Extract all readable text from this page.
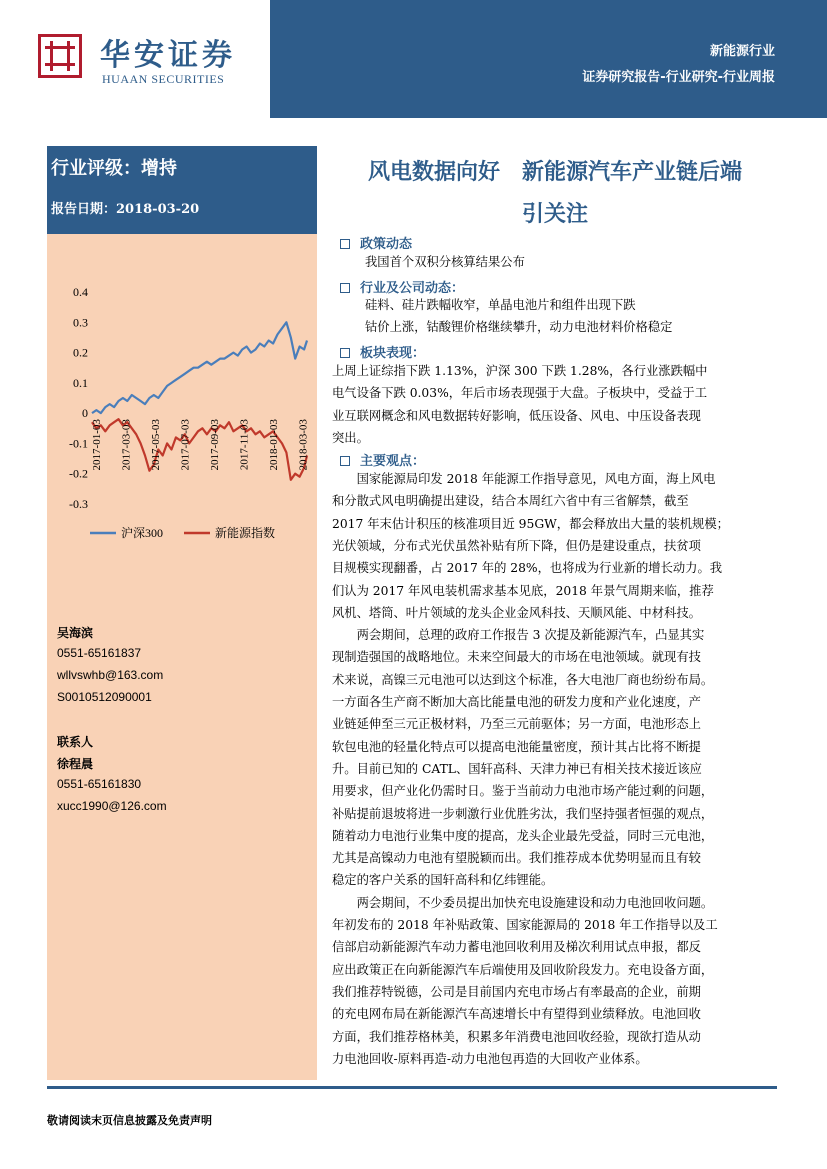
华安证券
HUAAN SECURITIES
新能源行业
证券研究报告-行业研究-行业周报
行业评级：增持
报告日期：2018-03-20
0.4
0.3
0.2
0.1
0
-0.1
-0.2
-0.3
2017-01-03 2017-03-03 2017-05-03 2017-07-03 2017-09-03 2017-11-03 2018-01-03 2018-03-03
沪深300	新能源指数
吴海滨
0551-65161837
wllvswhb@163.com
S0010512090001
联系人
徐程晨
0551-65161830
xucc1990@126.com
风电数据向好　新能源汽车产业链后端
引关注
政策动态
我国首个双积分核算结果公布
行业及公司动态：
硅料、硅片跌幅收窄，单晶电池片和组件出现下跌
钴价上涨，钴酸锂价格继续攀升，动力电池材料价格稳定
板块表现：
上周上证综指下跌 1.13%，沪深 300 下跌 1.28%，各行业涨跌幅中
电气设备下跌 0.03%，年后市场表现强于大盘。子板块中，受益于工
业互联网概念和风电数据转好影响，低压设备、风电、中压设备表现
突出。
主要观点：
　　国家能源局印发 2018 年能源工作指导意见，风电方面，海上风电
和分散式风电明确提出建设，结合本周红六省中有三省解禁，截至
2017 年末估计积压的核准项目近 95GW，都会释放出大量的装机规模；
光伏领域，分布式光伏虽然补贴有所下降，但仍是建设重点，扶贫项
目规模实现翻番，占 2017 年的 28%，也将成为行业新的增长动力。我
们认为 2017 年风电装机需求基本见底，2018 年景气周期来临，推荐
风机、塔筒、叶片领域的龙头企业金风科技、天顺风能、中材科技。
　　两会期间，总理的政府工作报告 3 次提及新能源汽车，凸显其实
现制造强国的战略地位。未来空间最大的市场在电池领域。就现有技
术来说，高镍三元电池可以达到这个标准，各大电池厂商也纷纷布局。
一方面各生产商不断加大高比能量电池的研发力度和产业化速度，产
业链延伸至三元正极材料，乃至三元前驱体；另一方面，电池形态上
软包电池的轻量化特点可以提高电池能量密度，预计其占比将不断提
升。目前已知的 CATL、国轩高科、天津力神已有相关技术接近该应
用要求，但产业化仍需时日。鉴于当前动力电池市场产能过剩的问题，
补贴提前退坡将进一步刺激行业优胜劣汰，我们坚持强者恒强的观点，
随着动力电池行业集中度的提高，龙头企业最先受益，同时三元电池，
尤其是高镍动力电池有望脱颖而出。我们推荐成本优势明显而且有较
稳定的客户关系的国轩高科和亿纬锂能。
　　两会期间，不少委员提出加快充电设施建设和动力电池回收问题。
年初发布的 2018 年补贴政策、国家能源局的 2018 年工作指导以及工
信部启动新能源汽车动力蓄电池回收利用及梯次利用试点申报，都反
应出政策正在向新能源汽车后端使用及回收阶段发力。充电设备方面，
我们推荐特锐德，公司是目前国内充电市场占有率最高的企业，前期
的充电网布局在新能源汽车高速增长中有望得到业绩释放。电池回收
方面，我们推荐格林美，积累多年消费电池回收经验，现欲打造从动
力电池回收-原料再造-动力电池包再造的大回收产业体系。
敬请阅读末页信息披露及免责声明
